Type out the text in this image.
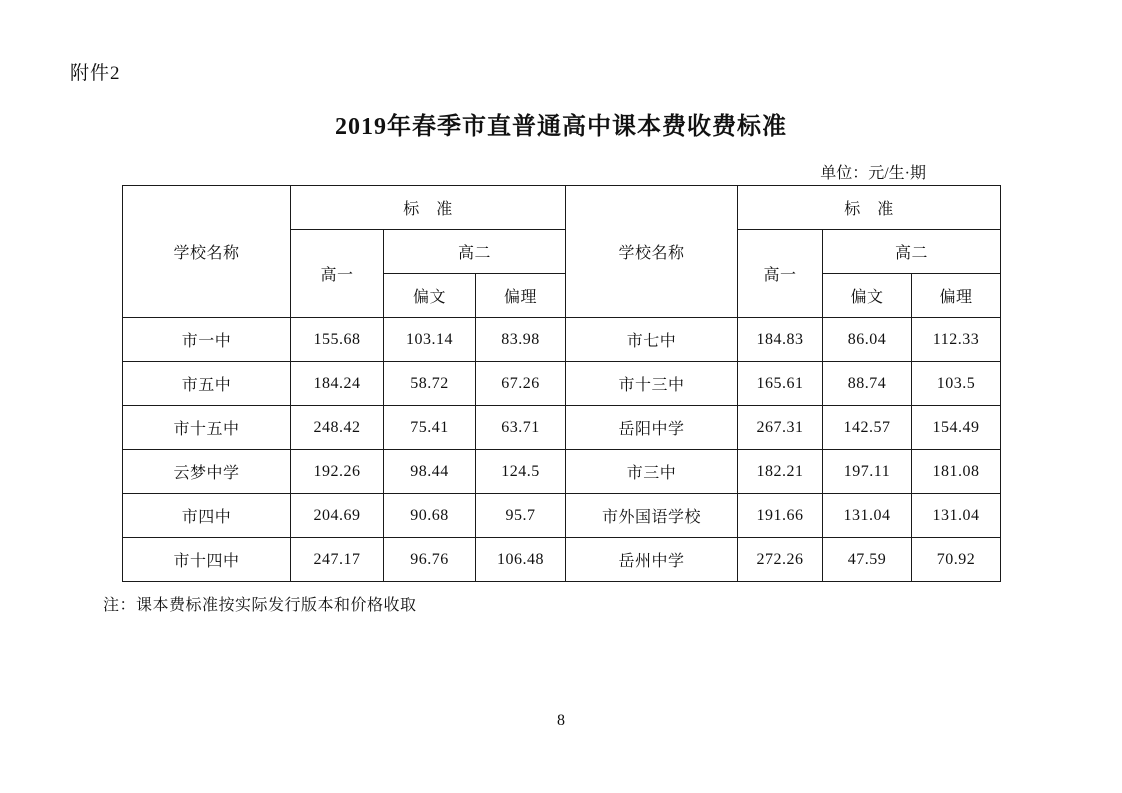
附件2
2019年春季市直普通高中课本费收费标准
单位：元/生·期
学校名称	标　准			学校名称	标　准		
	高一	高二			高一	高二	
		偏文	偏理			偏文	偏理
市一中	155.68	103.14	83.98	市七中	184.83	86.04	112.33
市五中	184.24	58.72	67.26	市十三中	165.61	88.74	103.5
市十五中	248.42	75.41	63.71	岳阳中学	267.31	142.57	154.49
云梦中学	192.26	98.44	124.5	市三中	182.21	197.11	181.08
市四中	204.69	90.68	95.7	市外国语学校	191.66	131.04	131.04
市十四中	247.17	96.76	106.48	岳州中学	272.26	47.59	70.92
注：课本费标准按实际发行版本和价格收取
8
